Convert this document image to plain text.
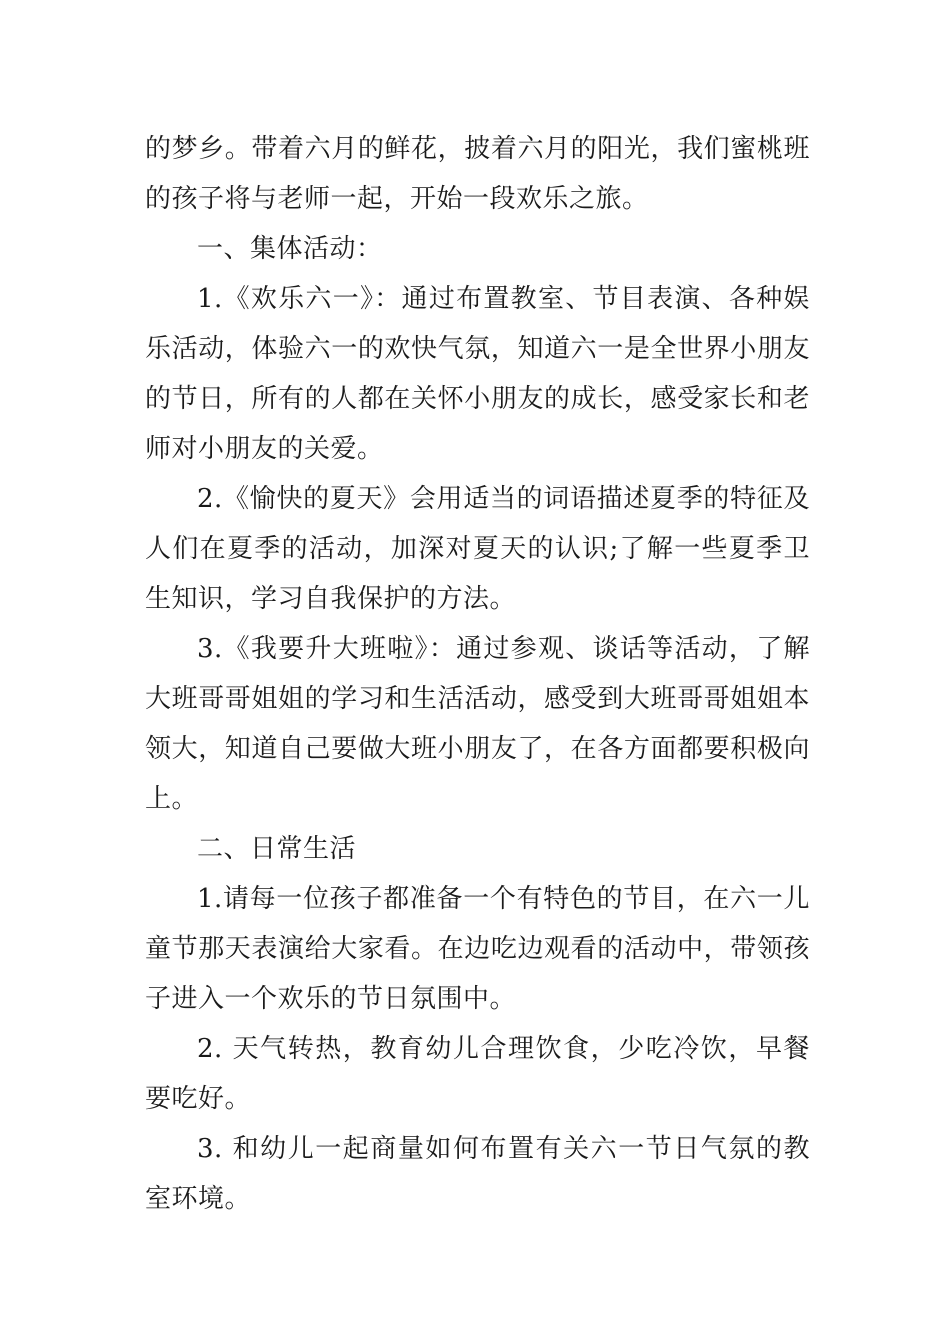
的梦乡。带着六月的鲜花，披着六月的阳光，我们蜜桃班的孩子将与老师一起，开始一段欢乐之旅。

一、集体活动：

1.《欢乐六一》：通过布置教室、节目表演、各种娱乐活动，体验六一的欢快气氛，知道六一是全世界小朋友的节日，所有的人都在关怀小朋友的成长，感受家长和老师对小朋友的关爱。

2.《愉快的夏天》会用适当的词语描述夏季的特征及人们在夏季的活动，加深对夏天的认识;了解一些夏季卫生知识，学习自我保护的方法。

3.《我要升大班啦》：通过参观、谈话等活动，了解大班哥哥姐姐的学习和生活活动，感受到大班哥哥姐姐本领大，知道自己要做大班小朋友了，在各方面都要积极向上。

二、日常生活

1.请每一位孩子都准备一个有特色的节目，在六一儿童节那天表演给大家看。在边吃边观看的活动中，带领孩子进入一个欢乐的节日氛围中。

2. 天气转热，教育幼儿合理饮食，少吃冷饮，早餐要吃好。

3. 和幼儿一起商量如何布置有关六一节日气氛的教室环境。
